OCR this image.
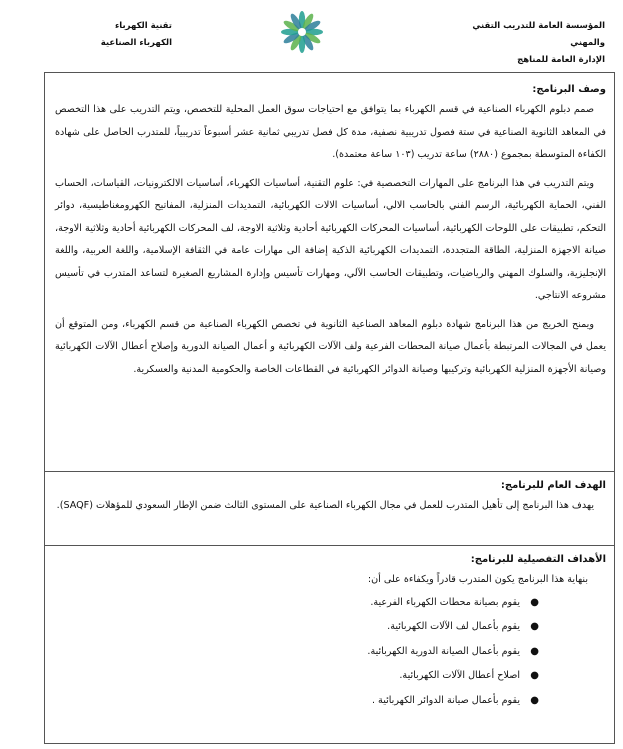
المؤسسة العامة للتدريب التقني والمهني
الإدارة العامة للمناهج
تقنية الكهرباء
الكهرباء الصناعية
وصف البرنامج:
صمم دبلوم الكهرباء الصناعية في قسم الكهرباء بما يتوافق مع احتياجات سوق العمل المحلية للتخصص، ويتم التدريب على هذا التخصص في المعاهد الثانوية الصناعية في ستة فصول تدريبية نصفية، مدة كل فصل تدريبي ثمانية عشر أسبوعاً تدريبياً، للمتدرب الحاصل على شهادة الكفاءة المتوسطة بمجموع (٢٨٨٠) ساعة تدريب (١٠٣ ساعة معتمدة).
ويتم التدريب في هذا البرنامج على المهارات التخصصية في: علوم التقنية، أساسيات الكهرباء، أساسيات الالكترونيات، القياسات، الحساب الفني، الحماية الكهربائية، الرسم الفني بالحاسب الالي، أساسيات الالات الكهربائية، التمديدات المنزلية، المفاتيح الكهرومغناطيسية، دوائر التحكم، تطبيقات على اللوحات الكهربائية، أساسيات المحركات الكهربائية أحادية وثلاثية الاوجة، لف المحركات الكهربائية أحادية وثلاثية الاوجة، صيانة الاجهزة المنزلية، الطاقة المتجددة، التمديدات الكهربائية الذكية إضافة الى مهارات عامة في الثقافة الإسلامية، واللغة العربية، واللغة الإنجليزية، والسلوك المهني والرياضيات، وتطبيقات الحاسب الآلي، ومهارات تأسيس وإدارة المشاريع الصغيرة لتساعد المتدرب في تأسيس مشروعه الانتاجي.
ويمنح الخريج من هذا البرنامج شهادة دبلوم المعاهد الصناعية الثانوية في تخصص الكهرباء الصناعية من قسم الكهرباء، ومن المتوقع أن يعمل في المجالات المرتبطة بأعمال صيانة المحطات الفرعية ولف الآلات الكهربائية و أعمال الصيانة الدورية وإصلاح أعطال الآلات الكهربائية وصيانة الأجهزة المنزلية الكهربائية وتركيبها وصيانة الدوائر الكهربائية في القطاعات الخاصة والحكومية المدنية والعسكرية.
الهدف العام للبرنامج:
يهدف هذا البرنامج إلى تأهيل المتدرب للعمل في مجال الكهرباء الصناعية على المستوى الثالث ضمن الإطار السعودي للمؤهلات (SAQF).
الأهداف التفصيلية للبرنامج:
بنهاية هذا البرنامج يكون المتدرب قادراً ويكفاءة على أن:
●
يقوم بصيانة محطات الكهرباء الفرعية.
●
يقوم بأعمال لف الآلات الكهربائية.
●
يقوم بأعمال الصيانة الدورية الكهربائية.
●
اصلاح أعطال الآلات الكهربائية.
●
يقوم بأعمال صيانة الدوائر الكهربائية .
